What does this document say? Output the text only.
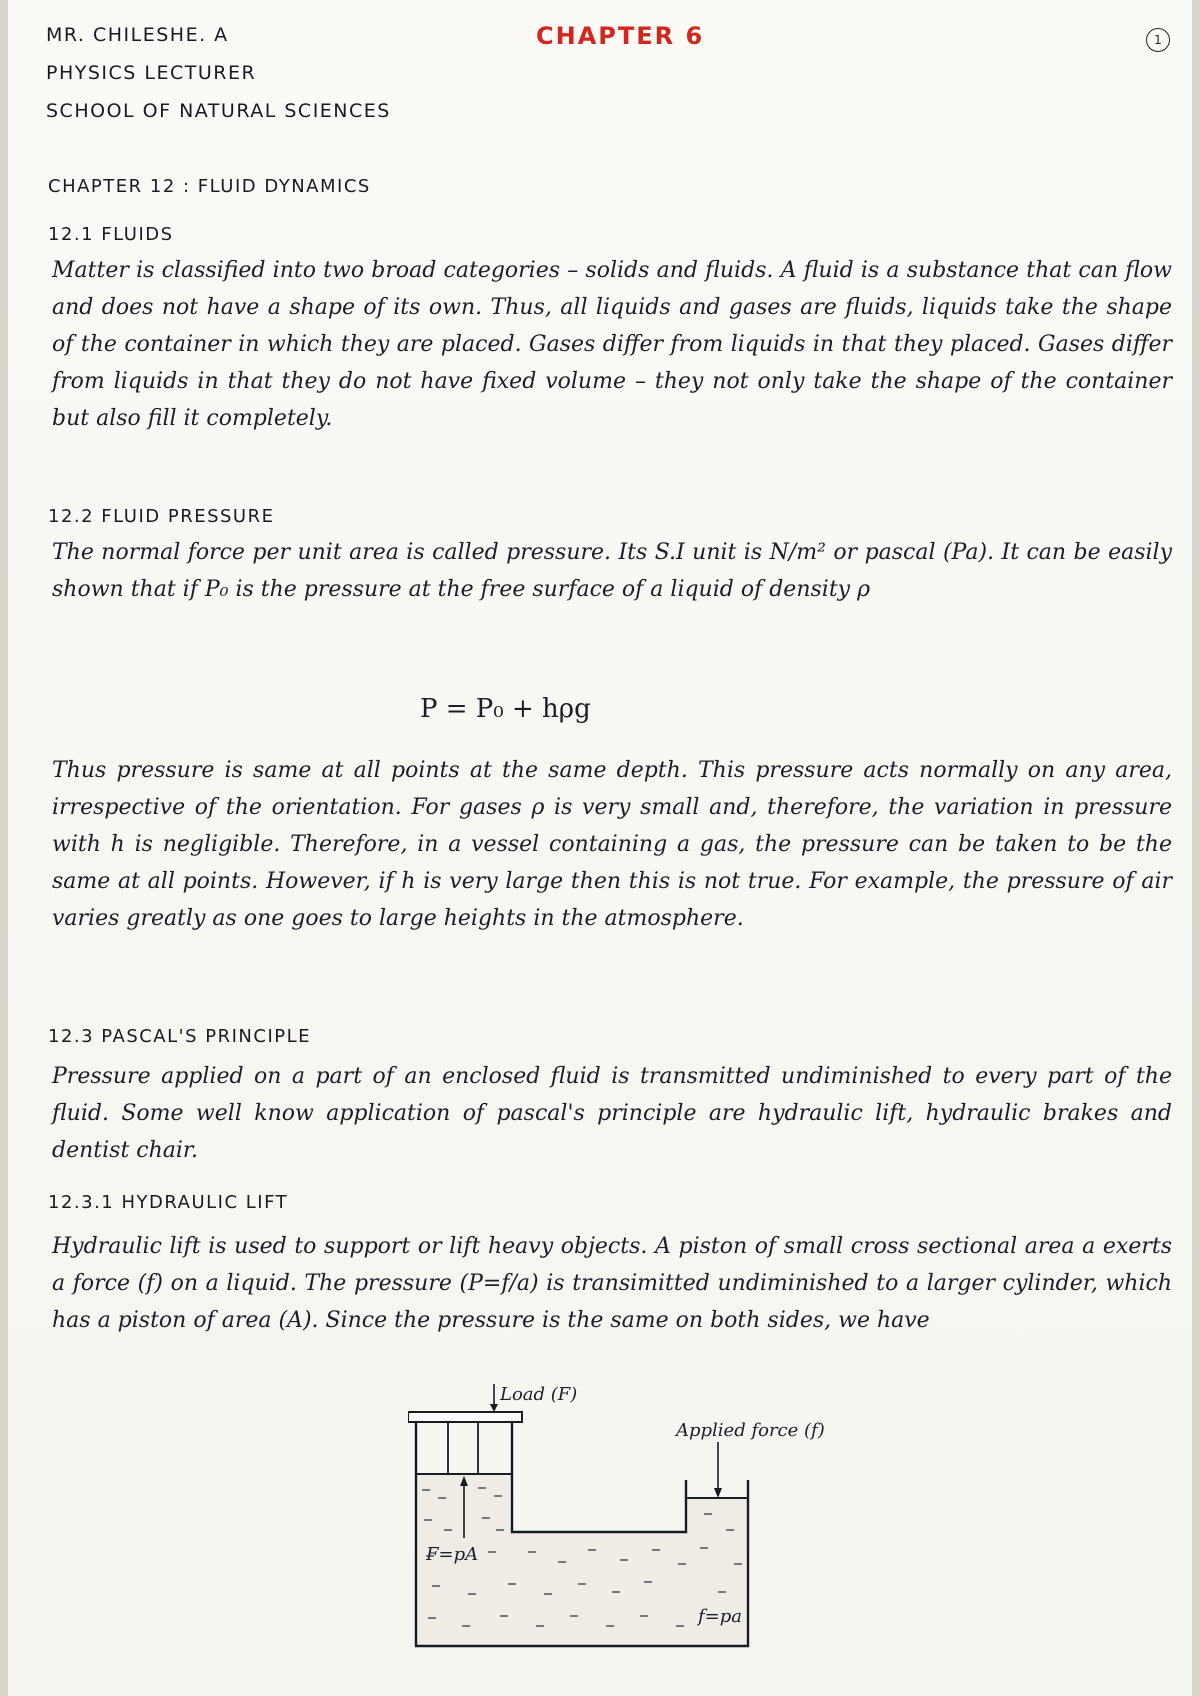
MR. CHILESHE. A
PHYSICS LECTURER
SCHOOL OF NATURAL SCIENCES
CHAPTER 6	1
CHAPTER 12 : FLUID DYNAMICS
12.1 FLUIDS
Matter is classified into two broad categories – solids and fluids. A fluid is a substance that can flow and does not have a shape of its own. Thus, all liquids and gases are fluids, liquids take the shape of the container in which they are placed. Gases differ from liquids in that they placed. Gases differ from liquids in that they do not have fixed volume – they not only take the shape of the container but also fill it completely.
12.2 FLUID PRESSURE
The normal force per unit area is called pressure. Its S.I unit is N/m² or pascal (Pa). It can be easily shown that if P₀ is the pressure at the free surface of a liquid of density ρ
P = P₀ + hρg
Thus pressure is same at all points at the same depth. This pressure acts normally on any area, irrespective of the orientation. For gases ρ is very small and, therefore, the variation in pressure with h is negligible. Therefore, in a vessel containing a gas, the pressure can be taken to be the same at all points. However, if h is very large then this is not true. For example, the pressure of air varies greatly as one goes to large heights in the atmosphere.
12.3 PASCAL'S PRINCIPLE
Pressure applied on a part of an enclosed fluid is transmitted undiminished to every part of the fluid. Some well know application of pascal's principle are hydraulic lift, hydraulic brakes and dentist chair.
12.3.1 HYDRAULIC LIFT
Hydraulic lift is used to support or lift heavy objects. A piston of small cross sectional area a exerts a force (f) on a liquid. The pressure (P=f/a) is transimitted undiminished to a larger cylinder, which has a piston of area (A). Since the pressure is the same on both sides, we have
Load (F)
Applied force (f)
F=pA
f=pa
